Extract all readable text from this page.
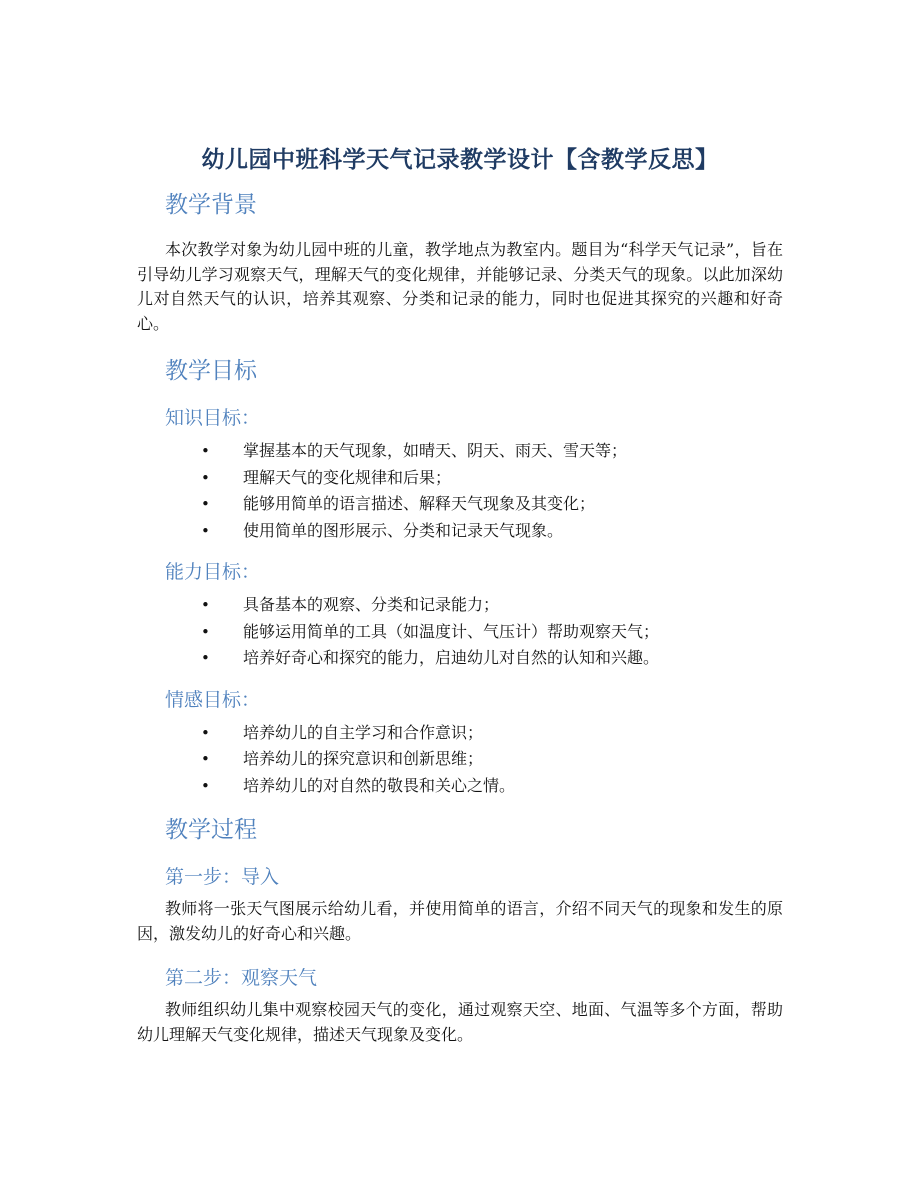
幼儿园中班科学天气记录教学设计【含教学反思】
教学背景

本次教学对象为幼儿园中班的儿童，教学地点为教室内。题目为“科学天气记录”，旨在引导幼儿学习观察天气，理解天气的变化规律，并能够记录、分类天气的现象。以此加深幼儿对自然天气的认识，培养其观察、分类和记录的能力，同时也促进其探究的兴趣和好奇心。

教学目标
知识目标：
• 掌握基本的天气现象，如晴天、阴天、雨天、雪天等；
• 理解天气的变化规律和后果；
• 能够用简单的语言描述、解释天气现象及其变化；
• 使用简单的图形展示、分类和记录天气现象。
能力目标：
• 具备基本的观察、分类和记录能力；
• 能够运用简单的工具（如温度计、气压计）帮助观察天气；
• 培养好奇心和探究的能力，启迪幼儿对自然的认知和兴趣。
情感目标：
• 培养幼儿的自主学习和合作意识；
• 培养幼儿的探究意识和创新思维；
• 培养幼儿的对自然的敬畏和关心之情。
教学过程
第一步：导入

教师将一张天气图展示给幼儿看，并使用简单的语言，介绍不同天气的现象和发生的原因，激发幼儿的好奇心和兴趣。

第二步：观察天气

教师组织幼儿集中观察校园天气的变化，通过观察天空、地面、气温等多个方面，帮助幼儿理解天气变化规律，描述天气现象及变化。
